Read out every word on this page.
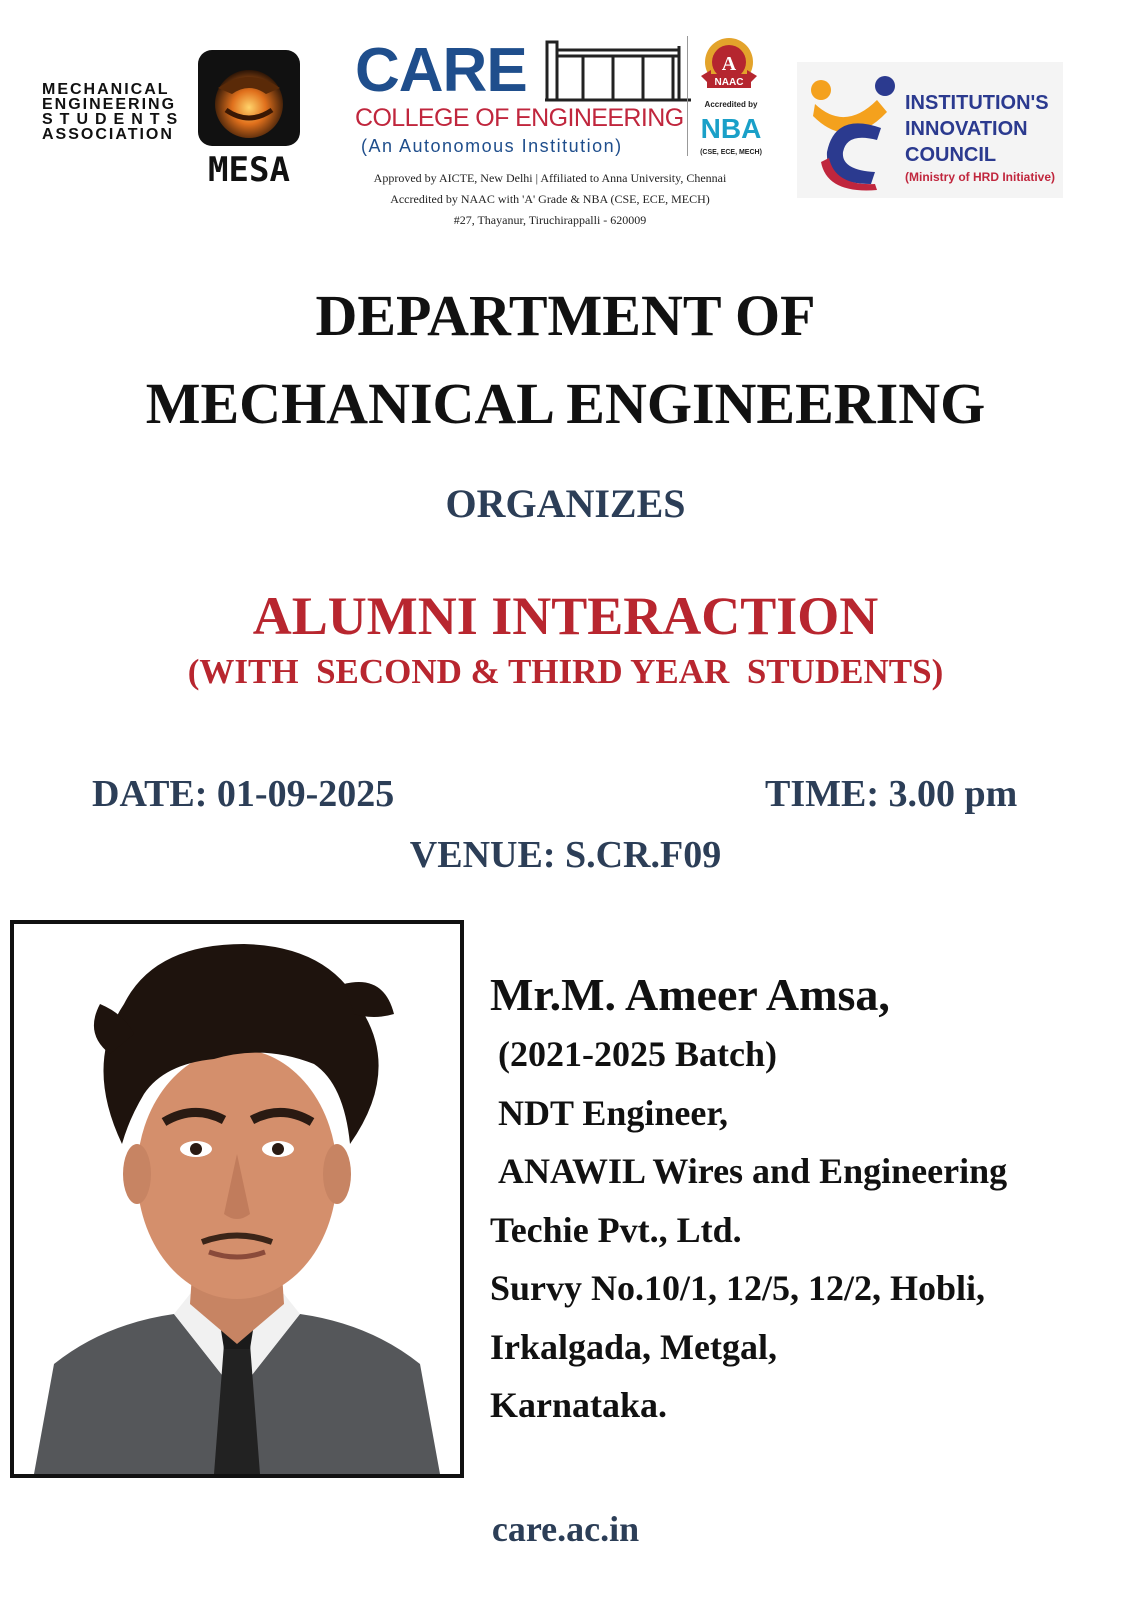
MECHANICAL
ENGINEERING
STUDENTS
ASSOCIATION
MESA
CARE
COLLEGE OF ENGINEERING
(An Autonomous Institution)
A
NAAC
Accredited by
NBA
(CSE, ECE, MECH)
Approved by AICTE, New Delhi | Affiliated to Anna University, Chennai
Accredited by NAAC with 'A' Grade & NBA (CSE, ECE, MECH)
#27, Thayanur, Tiruchirappalli - 620009
INSTITUTION'S
INNOVATION
COUNCIL
(Ministry of HRD Initiative)
DEPARTMENT OF
MECHANICAL ENGINEERING
ORGANIZES
ALUMNI INTERACTION
(WITH  SECOND & THIRD YEAR  STUDENTS)
DATE: 01-09-2025	TIME: 3.00 pm
VENUE: S.CR.F09
Mr.M. Ameer Amsa,
(2021-2025 Batch)
NDT Engineer,
ANAWIL Wires and Engineering
Techie Pvt., Ltd.
Survy No.10/1, 12/5, 12/2, Hobli,
Irkalgada, Metgal,
Karnataka.
care.ac.in
